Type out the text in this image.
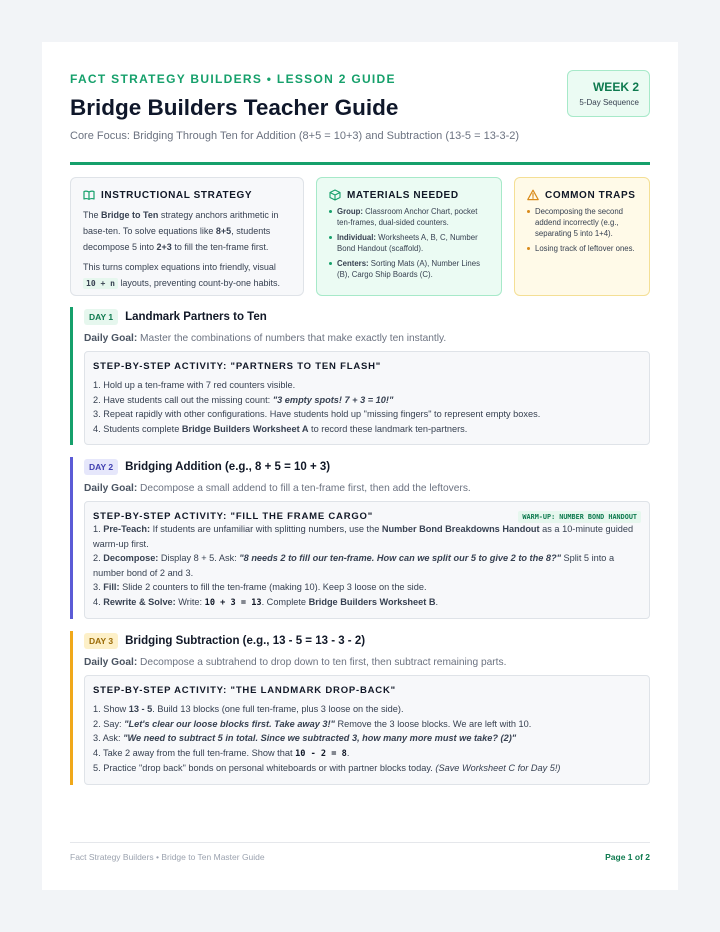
FACT STRATEGY BUILDERS • LESSON 2 GUIDE
Bridge Builders Teacher Guide
Core Focus: Bridging Through Ten for Addition (8+5 = 10+3) and Subtraction (13-5 = 13-3-2)
WEEK 2
5-Day Sequence
INSTRUCTIONAL STRATEGY

The Bridge to Ten strategy anchors arithmetic in base-ten. To solve equations like 8+5, students decompose 5 into 2+3 to fill the ten-frame first.

This turns complex equations into friendly, visual 10 + n layouts, preventing count-by-one habits.

MATERIALS NEEDED
Group: Classroom Anchor Chart, pocket ten-frames, dual-sided counters.
Individual: Worksheets A, B, C, Number Bond Handout (scaffold).
Centers: Sorting Mats (A), Number Lines (B), Cargo Ship Boards (C).
COMMON TRAPS
Decomposing the second addend incorrectly (e.g., separating 5 into 1+4).
Losing track of leftover ones.
DAY 1	Landmark Partners to Ten
Daily Goal: Master the combinations of numbers that make exactly ten instantly.
STEP-BY-STEP ACTIVITY: "PARTNERS TO TEN FLASH"
1. Hold up a ten-frame with 7 red counters visible.
2. Have students call out the missing count: "3 empty spots! 7 + 3 = 10!"
3. Repeat rapidly with other configurations. Have students hold up "missing fingers" to represent empty boxes.
4. Students complete Bridge Builders Worksheet A to record these landmark ten-partners.
DAY 2	Bridging Addition (e.g., 8 + 5 = 10 + 3)
Daily Goal: Decompose a small addend to fill a ten-frame first, then add the leftovers.
STEP-BY-STEP ACTIVITY: "FILL THE FRAME CARGO"	WARM-UP: NUMBER BOND HANDOUT
1. Pre-Teach: If students are unfamiliar with splitting numbers, use the Number Bond Breakdowns Handout as a 10-minute guided warm-up first.
2. Decompose: Display 8 + 5. Ask: "8 needs 2 to fill our ten-frame. How can we split our 5 to give 2 to the 8?" Split 5 into a number bond of 2 and 3.
3. Fill: Slide 2 counters to fill the ten-frame (making 10). Keep 3 loose on the side.
4. Rewrite & Solve: Write: 10 + 3 = 13. Complete Bridge Builders Worksheet B.
DAY 3	Bridging Subtraction (e.g., 13 - 5 = 13 - 3 - 2)
Daily Goal: Decompose a subtrahend to drop down to ten first, then subtract remaining parts.
STEP-BY-STEP ACTIVITY: "THE LANDMARK DROP-BACK"
1. Show 13 - 5. Build 13 blocks (one full ten-frame, plus 3 loose on the side).
2. Say: "Let's clear our loose blocks first. Take away 3!" Remove the 3 loose blocks. We are left with 10.
3. Ask: "We need to subtract 5 in total. Since we subtracted 3, how many more must we take? (2)"
4. Take 2 away from the full ten-frame. Show that 10 - 2 = 8.
5. Practice "drop back" bonds on personal whiteboards or with partner blocks today. (Save Worksheet C for Day 5!)
Fact Strategy Builders • Bridge to Ten Master Guide	Page 1 of 2
